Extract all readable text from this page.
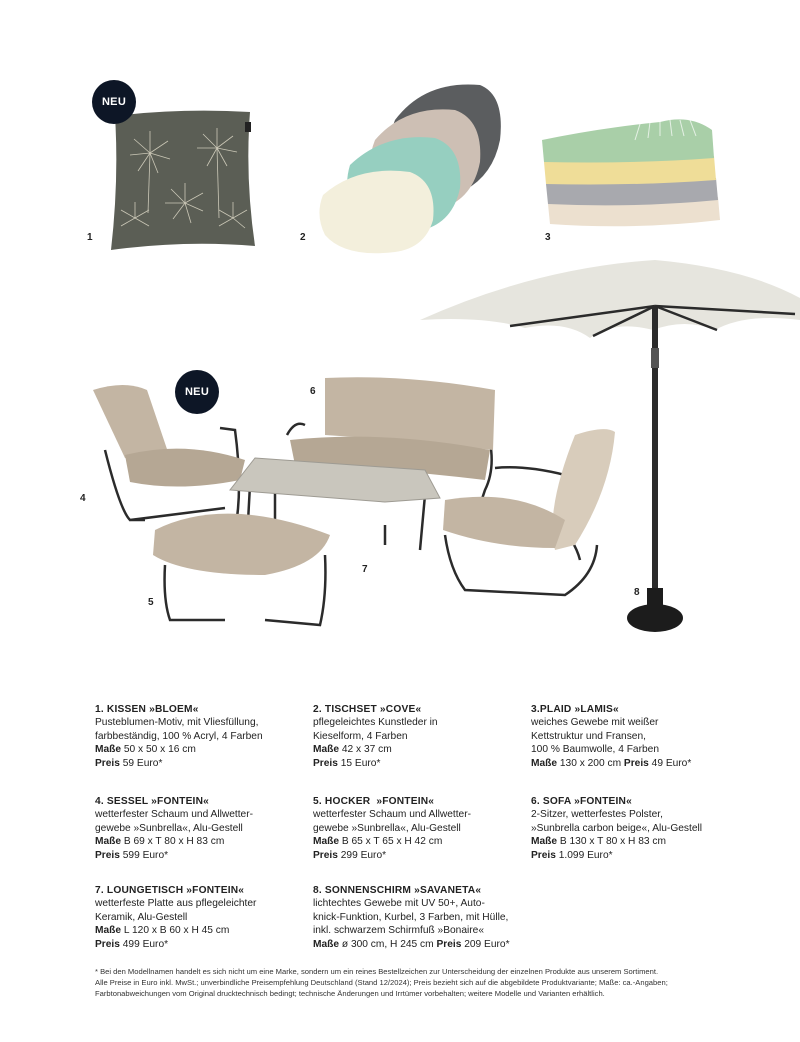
NEU
NEU
1	2	3
4
5
6
7
8
1. KISSEN »BLOEM«
Pusteblumen-Motiv, mit Vliesfüllung,
farbbeständig, 100 % Acryl, 4 Farben
Maße 50 x 50 x 16 cm
Preis 59 Euro*
2. TISCHSET »COVE«
pflegeleichtes Kunstleder in
Kieselform, 4 Farben
Maße 42 x 37 cm
Preis 15 Euro*
3.PLAID »LAMIS«
weiches Gewebe mit weißer
Kettstruktur und Fransen,
100 % Baumwolle, 4 Farben
Maße 130 x 200 cm Preis 49 Euro*
4. SESSEL »FONTEIN«
wetterfester Schaum und Allwetter-
gewebe »Sunbrella«, Alu-Gestell
Maße B 69 x T 80 x H 83 cm
Preis 599 Euro*
5. HOCKER  »FONTEIN«
wetterfester Schaum und Allwetter-
gewebe »Sunbrella«, Alu-Gestell
Maße B 65 x T 65 x H 42 cm
Preis 299 Euro*
6. SOFA »FONTEIN«
2-Sitzer, wetterfestes Polster,
»Sunbrella carbon beige«, Alu-Gestell
Maße B 130 x T 80 x H 83 cm
Preis 1.099 Euro*
7. LOUNGETISCH »FONTEIN«
wetterfeste Platte aus pflegeleichter
Keramik, Alu-Gestell
Maße L 120 x B 60 x H 45 cm
Preis 499 Euro*
8. SONNENSCHIRM »SAVANETA«
lichtechtes Gewebe mit UV 50+, Auto-
knick-Funktion, Kurbel, 3 Farben, mit Hülle,
inkl. schwarzem Schirmfuß »Bonaire«
Maße ø 300 cm, H 245 cm Preis 209 Euro*
* Bei den Modellnamen handelt es sich nicht um eine Marke, sondern um ein reines Bestellzeichen zur Unterscheidung der einzelnen Produkte aus unserem Sortiment.
Alle Preise in Euro inkl. MwSt.; unverbindliche Preisempfehlung Deutschland (Stand 12/2024); Preis bezieht sich auf die abgebildete Produktvariante; Maße: ca.-Angaben;
Farbtonabweichungen vom Original drucktechnisch bedingt; technische Änderungen und Irrtümer vorbehalten; weitere Modelle und Varianten erhältlich.
